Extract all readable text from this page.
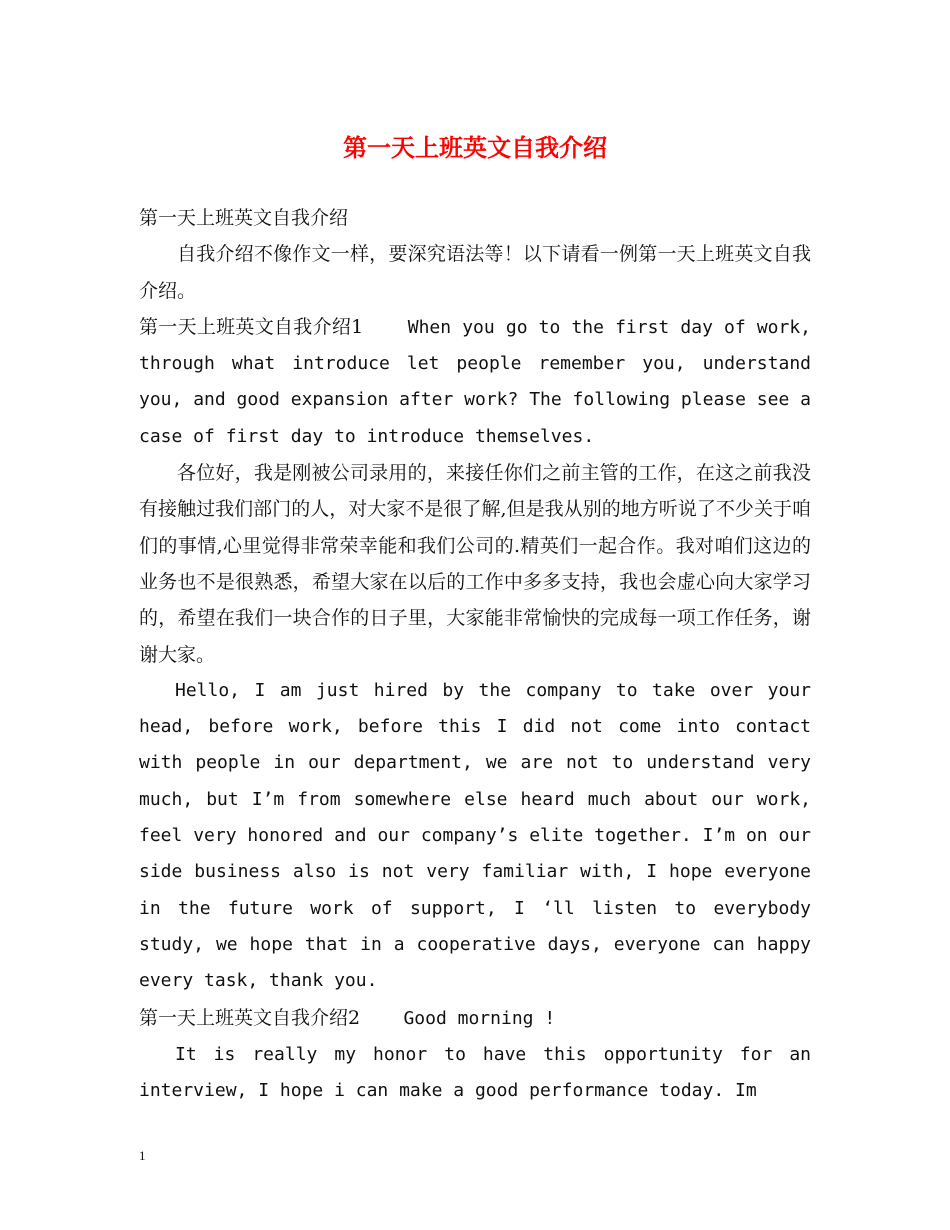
第一天上班英文自我介绍

第一天上班英文自我介绍

自我介绍不像作文一样，要深究语法等！以下请看一例第一天上班英文自我介绍。

第一天上班英文自我介绍1 When you go to the first day of work, through what introduce let people remember you, understand you, and good expansion after work? The following please see a case of first day to introduce themselves.

各位好，我是刚被公司录用的，来接任你们之前主管的工作，在这之前我没有接触过我们部门的人，对大家不是很了解,但是我从别的地方听说了不少关于咱们的事情,心里觉得非常荣幸能和我们公司的.精英们一起合作。我对咱们这边的业务也不是很熟悉，希望大家在以后的工作中多多支持，我也会虚心向大家学习的，希望在我们一块合作的日子里，大家能非常愉快的完成每一项工作任务，谢谢大家。

Hello, I am just hired by the company to take over your head, before work, before this I did not come into contact with people in our department, we are not to understand very much, but I’m from somewhere else heard much about our work, feel very honored and our company’s elite together. I’m on our side business also is not very familiar with, I hope everyone in the future work of support, I ‘ll listen to everybody study, we hope that in a cooperative days, everyone can happy every task, thank you.

第一天上班英文自我介绍2 Good morning !

It is really my honor to have this opportunity for an interview, I hope i can make a good performance today. Im

1
